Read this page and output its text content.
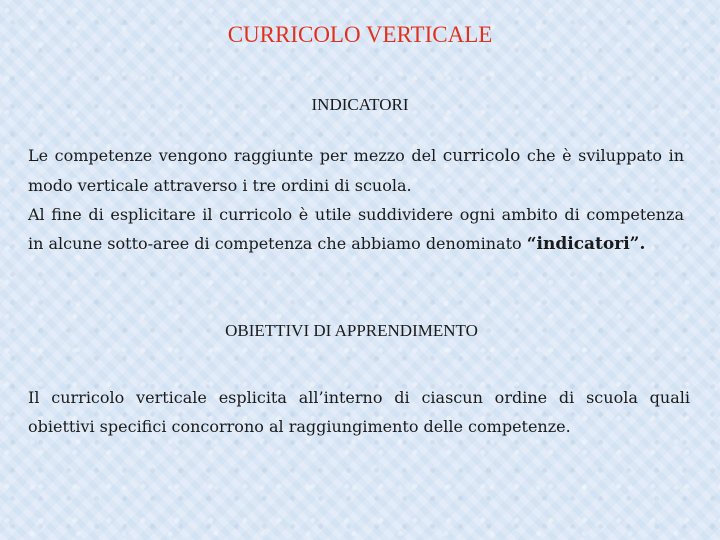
CURRICOLO VERTICALE
INDICATORI

Le competenze vengono raggiunte per mezzo del curricolo che è sviluppato in modo verticale attraverso i tre ordini di scuola.

Al fine di esplicitare il curricolo è utile suddividere ogni ambito di competenza in alcune sotto-aree di competenza che abbiamo denominato “indicatori”.

OBIETTIVI DI APPRENDIMENTO

Il curricolo verticale esplicita all’interno di ciascun ordine di scuola quali obiettivi specifici concorrono al raggiungimento delle competenze.
